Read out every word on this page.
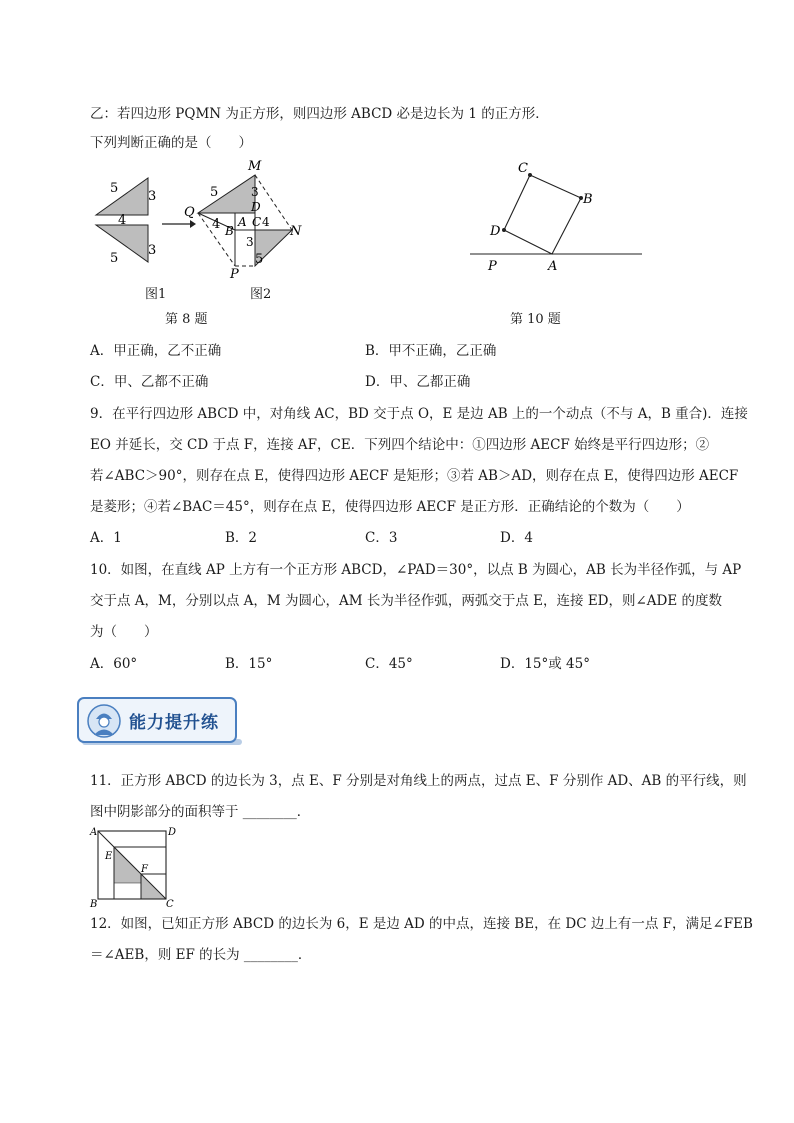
乙：若四边形 PQMN 为正方形，则四边形 ABCD 必是边长为 1 的正方形．
下列判断正确的是（　　）
5
3
4
5
3
M
Q
N
P
A
B
C
D
5	3
3
4	4
5
图1	图2
第 8 题
C
B
D
P	A
第 10 题
A．甲正确，乙不正确	B．甲不正确，乙正确
C．甲、乙都不正确	D．甲、乙都正确
9．在平行四边形 ABCD 中，对角线 AC，BD 交于点 O，E 是边 AB 上的一个动点（不与 A，B 重合)．连接
EO 并延长，交 CD 于点 F，连接 AF，CE．下列四个结论中：①四边形 AECF 始终是平行四边形；②
若∠ABC＞90°，则存在点 E，使得四边形 AECF 是矩形；③若 AB＞AD，则存在点 E，使得四边形 AECF
是菱形；④若∠BAC＝45°，则存在点 E，使得四边形 AECF 是正方形．正确结论的个数为（　　）
A．1	B．2	C．3	D．4
10．如图，在直线 AP 上方有一个正方形 ABCD，∠PAD＝30°，以点 B 为圆心，AB 长为半径作弧，与 AP
交于点 A，M，分别以点 A，M 为圆心，AM 长为半径作弧，两弧交于点 E，连接 ED，则∠ADE 的度数
为（　　）
A．60°	B．15°	C．45°	D．15°或 45°
能力提升练
11．正方形 ABCD 的边长为 3，点 E、F 分别是对角线上的两点，过点 E、F 分别作 AD、AB 的平行线，则
图中阴影部分的面积等于 ________．
A	D
E
F
B	C
12．如图，已知正方形 ABCD 的边长为 6，E 是边 AD 的中点，连接 BE，在 DC 边上有一点 F，满足∠FEB
＝∠AEB，则 EF 的长为 ________．
